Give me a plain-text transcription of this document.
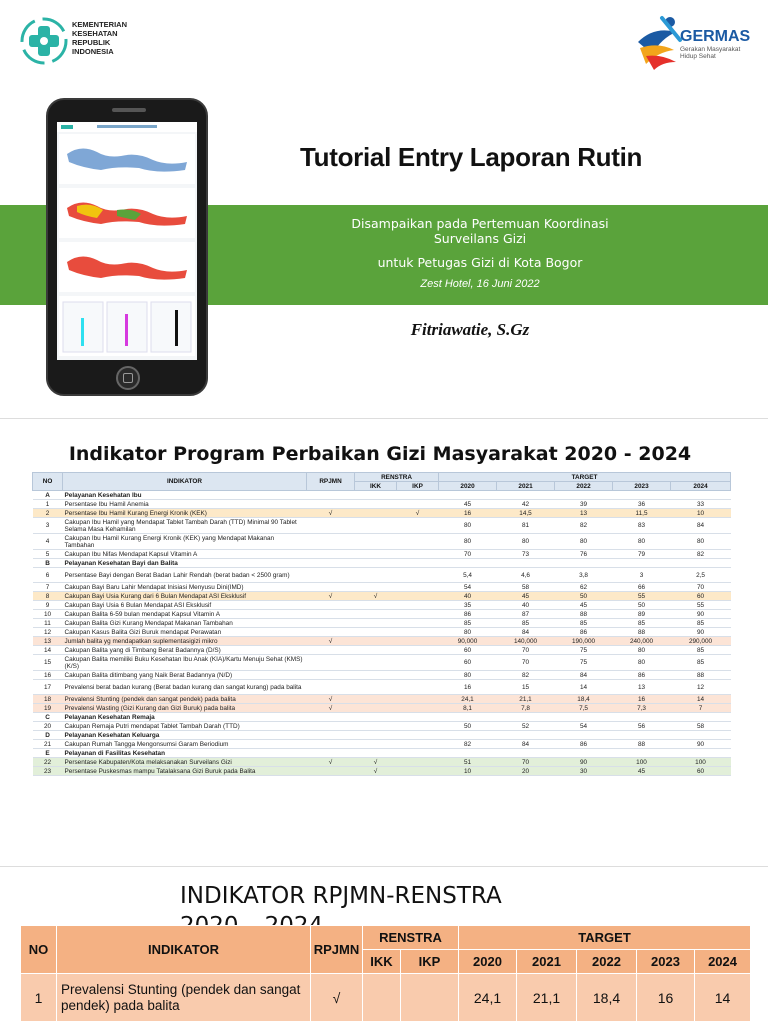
KEMENTERIAN
KESEHATAN
REPUBLIK
INDONESIA
GERMAS
Gerakan Masyarakat
Hidup Sehat
Tutorial Entry Laporan Rutin
Disampaikan pada Pertemuan Koordinasi
Surveilans Gizi
untuk Petugas Gizi di Kota Bogor
Zest Hotel, 16 Juni 2022
Fitriawatie, S.Gz
Indikator Program Perbaikan Gizi Masyarakat 2020 - 2024
NO	INDIKATOR	RPJMN	RENSTRA		TARGET				
			IKK	IKP	2020	2021	2022	2023	2024
A	Pelayanan Kesehatan Ibu								
1	Persentase Ibu Hamil Anemia				45	42	39	36	33
2	Persentase Ibu Hamil Kurang Energi Kronik (KEK)	√		√	16	14,5	13	11,5	10
3	Cakupan Ibu Hamil yang Mendapat Tablet Tambah Darah (TTD) Minimal 90 Tablet Selama Masa Kehamilan				80	81	82	83	84
4	Cakupan Ibu Hamil Kurang Energi Kronik (KEK) yang Mendapat Makanan Tambahan				80	80	80	80	80
5	Cakupan Ibu Nifas Mendapat Kapsul Vitamin A				70	73	76	79	82
B	Pelayanan Kesehatan Bayi dan Balita								
6	Persentase Bayi dengan Berat Badan Lahir Rendah (berat badan < 2500 gram)				5,4	4,6	3,8	3	2,5
7	Cakupan Bayi Baru Lahir Mendapat Inisiasi Menyusu Dini(IMD)				54	58	62	66	70
8	Cakupan Bayi Usia Kurang dari 6 Bulan Mendapat ASI Eksklusif	√	√		40	45	50	55	60
9	Cakupan Bayi Usia 6 Bulan Mendapat ASI Eksklusif				35	40	45	50	55
10	Cakupan Balita 6-59 bulan mendapat Kapsul Vitamin A				86	87	88	89	90
11	Cakupan Balita Gizi Kurang Mendapat Makanan Tambahan				85	85	85	85	85
12	Cakupan Kasus Balita Gizi Buruk mendapat Perawatan				80	84	86	88	90
13	Jumlah balita yg mendapatkan suplementasigizi mikro	√			90,000	140,000	190,000	240,000	290,000
14	Cakupan Balita yang di Timbang Berat Badannya (D/S)				60	70	75	80	85
15	Cakupan Balita memiliki Buku Kesehatan Ibu Anak (KIA)/Kartu Menuju Sehat (KMS) (K/S)				60	70	75	80	85
16	Cakupan Balita ditimbang yang Naik Berat Badannya (N/D)				80	82	84	86	88
17	Prevalensi berat badan kurang (Berat badan kurang dan sangat kurang) pada balita				16	15	14	13	12
18	Prevalensi Stunting (pendek dan sangat pendek) pada balita	√			24,1	21,1	18,4	16	14
19	Prevalensi Wasting (Gizi Kurang dan Gizi Buruk) pada balita	√			8,1	7,8	7,5	7,3	7
C	Pelayanan Kesehatan Remaja								
20	Cakupan Remaja Putri mendapat Tablet Tambah Darah (TTD)				50	52	54	56	58
D	Pelayanan Kesehatan Keluarga								
21	Cakupan Rumah Tangga Mengonsumsi Garam Beriodium				82	84	86	88	90
E	Pelayanan di Fasilitas Kesehatan								
22	Persentase Kabupaten/Kota melaksanakan Surveilans Gizi	√	√		51	70	90	100	100
23	Persentase Puskesmas mampu Tatalaksana Gizi Buruk pada Balita		√		10	20	30	45	60
INDIKATOR RPJMN-RENSTRA
NO	INDIKATOR	RPJMN	RENSTRA		TARGET				
			IKK	IKP	2020	2021	2022	2023	2024
1	Prevalensi Stunting (pendek dan sangat pendek) pada balita	√			24,1	21,1	18,4	16	14
